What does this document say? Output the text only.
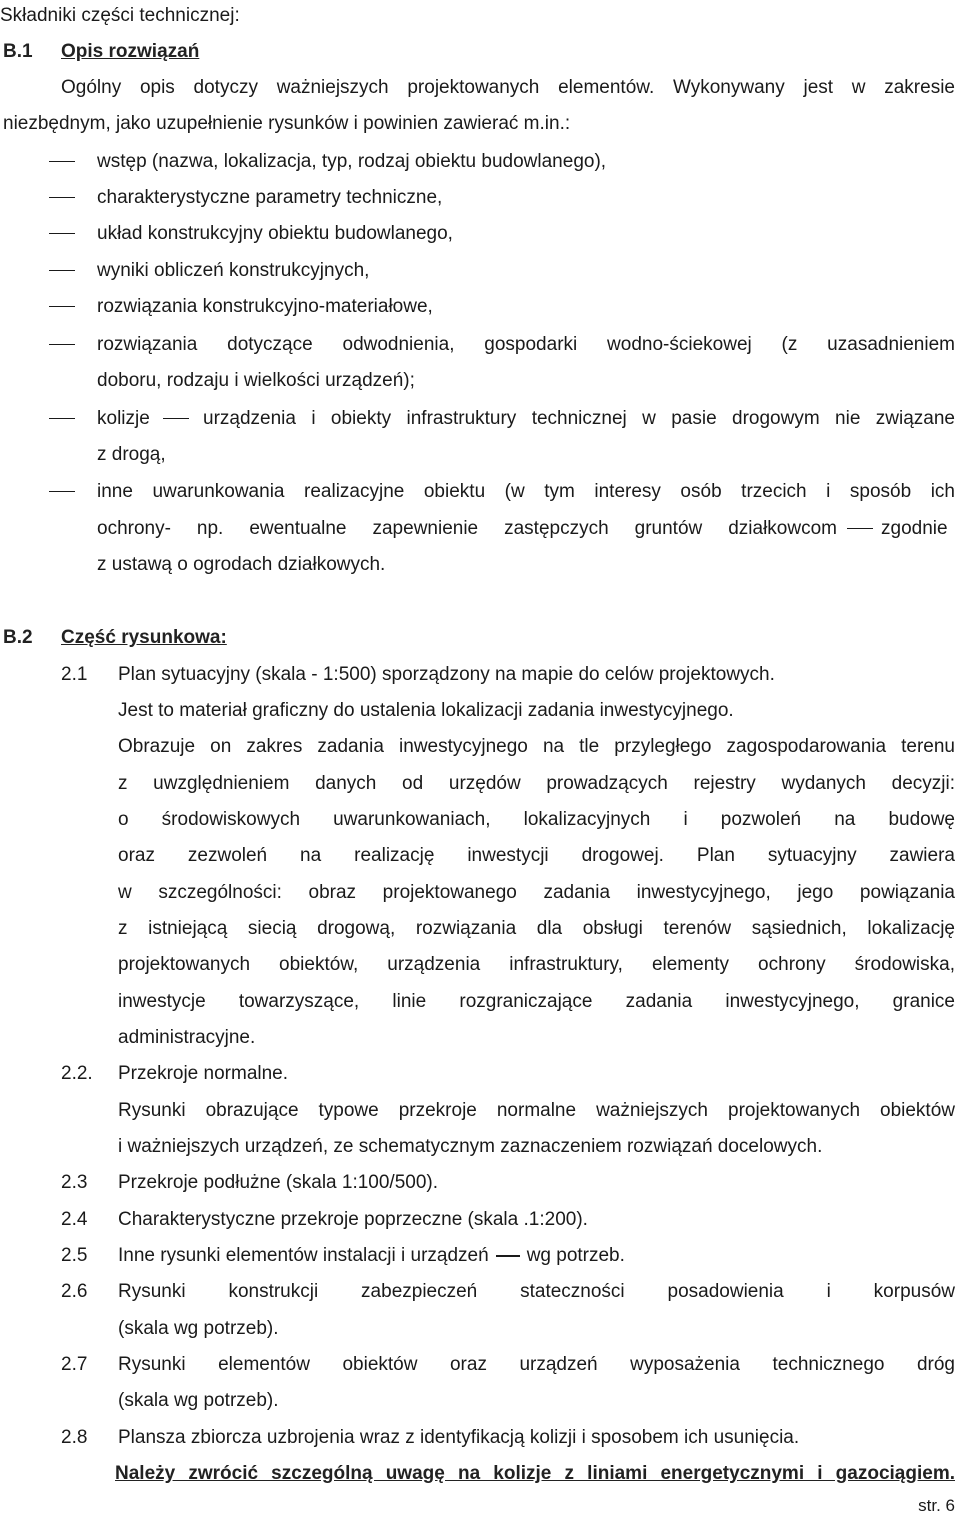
Składniki części technicznej:
B.1 Opis rozwiązań
Ogólny opis dotyczy ważniejszych projektowanych elementów. Wykonywany jest w zakresie
niezbędnym, jako uzupełnienie rysunków i powinien zawierać m.in.:
wstęp (nazwa, lokalizacja, typ, rodzaj obiektu budowlanego),
charakterystyczne parametry techniczne,
układ konstrukcyjny obiektu budowlanego,
wyniki obliczeń konstrukcyjnych,
rozwiązania konstrukcyjno-materiałowe,
rozwiązania dotyczące odwodnienia, gospodarki wodno-ściekowej (z uzasadnieniem
doboru, rodzaju i wielkości urządzeń);
kolizje	urządzenia i obiekty infrastruktury technicznej w pasie drogowym nie związane
z drogą,
inne uwarunkowania realizacyjne obiektu (w tym interesy osób trzecich i sposób ich
ochrony- np. ewentualne zapewnienie zastępczych gruntów działkowcom zgodnie
z ustawą o ogrodach działkowych.
B.2 Część rysunkowa:
2.1 Plan sytuacyjny (skala - 1:500) sporządzony na mapie do celów projektowych.
Jest to materiał graficzny do ustalenia lokalizacji zadania inwestycyjnego.
Obrazuje on zakres zadania inwestycyjnego na tle przyległego zagospodarowania terenu
z uwzględnieniem danych od urzędów prowadzących rejestry wydanych decyzji:
o środowiskowych uwarunkowaniach, lokalizacyjnych i pozwoleń na budowę
oraz zezwoleń na realizację inwestycji drogowej. Plan sytuacyjny zawiera
w szczególności: obraz projektowanego zadania inwestycyjnego, jego powiązania
z istniejącą siecią drogową, rozwiązania dla obsługi terenów sąsiednich, lokalizację
projektowanych obiektów, urządzenia infrastruktury, elementy ochrony środowiska,
inwestycje towarzyszące, linie rozgraniczające zadania inwestycyjnego, granice
administracyjne.
2.2. Przekroje normalne.
Rysunki obrazujące typowe przekroje normalne ważniejszych projektowanych obiektów
i ważniejszych urządzeń, ze schematycznym zaznaczeniem rozwiązań docelowych.
2.3 Przekroje podłużne (skala 1:100/500).
2.4 Charakterystyczne przekroje poprzeczne (skala .1:200).
2.5 Inne rysunki elementów instalacji i urządzeń wg potrzeb.
2.6 Rysunki konstrukcji zabezpieczeń stateczności posadowienia i korpusów
(skala wg potrzeb).
2.7 Rysunki elementów obiektów oraz urządzeń wyposażenia technicznego dróg
(skala wg potrzeb).
2.8 Plansza zbiorcza uzbrojenia wraz z identyfikacją kolizji i sposobem ich usunięcia.
Należy zwrócić szczególną uwagę na kolizje z liniami energetycznymi i gazociągiem.
str. 6
